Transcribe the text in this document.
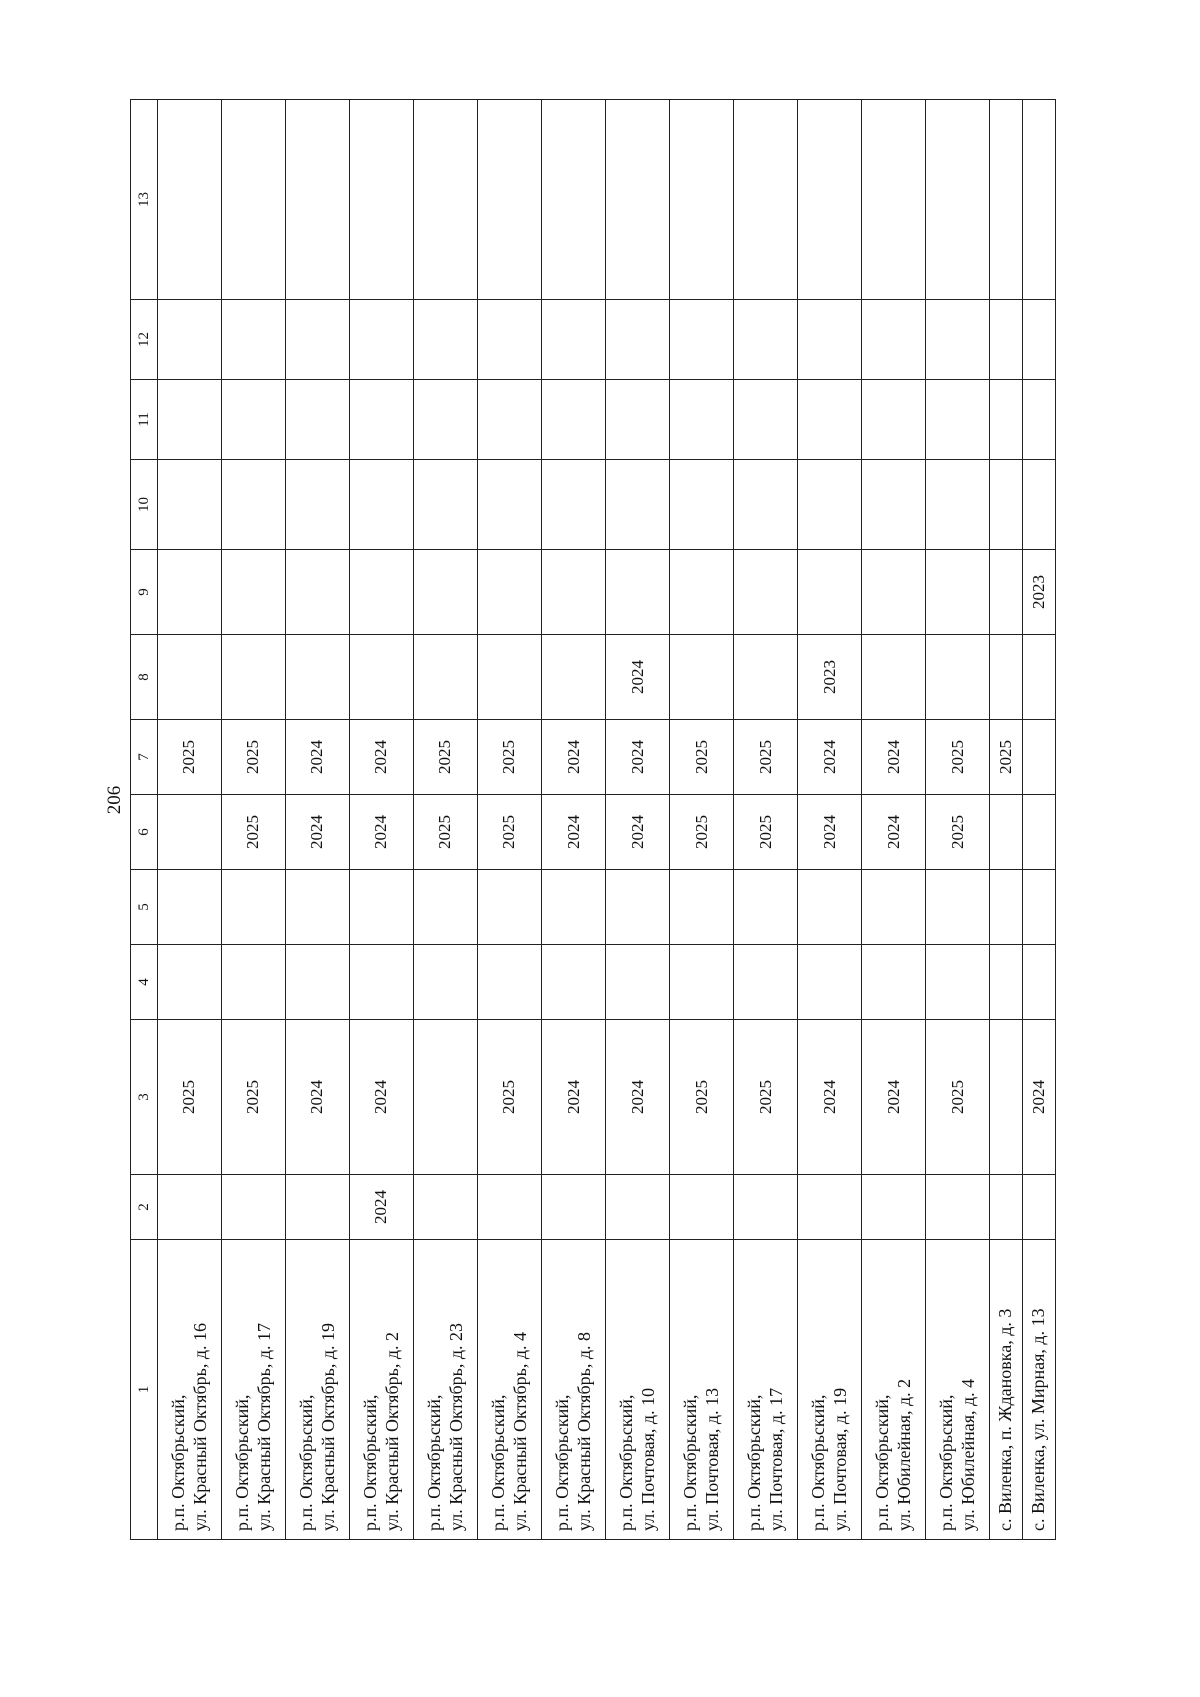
206
1	2	3	4	5	6	7	8	9	10	11	12	13

р.п. Октябрьский, ул. Красный Октябрь, д. 16		2025				2025						

р.п. Октябрьский, ул. Красный Октябрь, д. 17		2025			2025	2025						

р.п. Октябрьский, ул. Красный Октябрь, д. 19		2024			2024	2024						

р.п. Октябрьский, ул. Красный Октябрь, д. 2	2024	2024			2024	2024						

р.п. Октябрьский, ул. Красный Октябрь, д. 23					2025	2025						

р.п. Октябрьский, ул. Красный Октябрь, д. 4		2025			2025	2025						

р.п. Октябрьский, ул. Красный Октябрь, д. 8		2024			2024	2024						

р.п. Октябрьский, ул. Почтовая, д. 10		2024			2024	2024	2024					

р.п. Октябрьский, ул. Почтовая, д. 13		2025			2025	2025						

р.п. Октябрьский, ул. Почтовая, д. 17		2025			2025	2025						

р.п. Октябрьский, ул. Почтовая, д. 19		2024			2024	2024	2023					

р.п. Октябрьский, ул. Юбилейная, д. 2		2024			2024	2024						

р.п. Октябрьский, ул. Юбилейная, д. 4		2025			2025	2025						

с. Виленка, п. Ждановка, д. 3						2025						

с. Виленка, ул. Мирная, д. 13		2024						2023				
